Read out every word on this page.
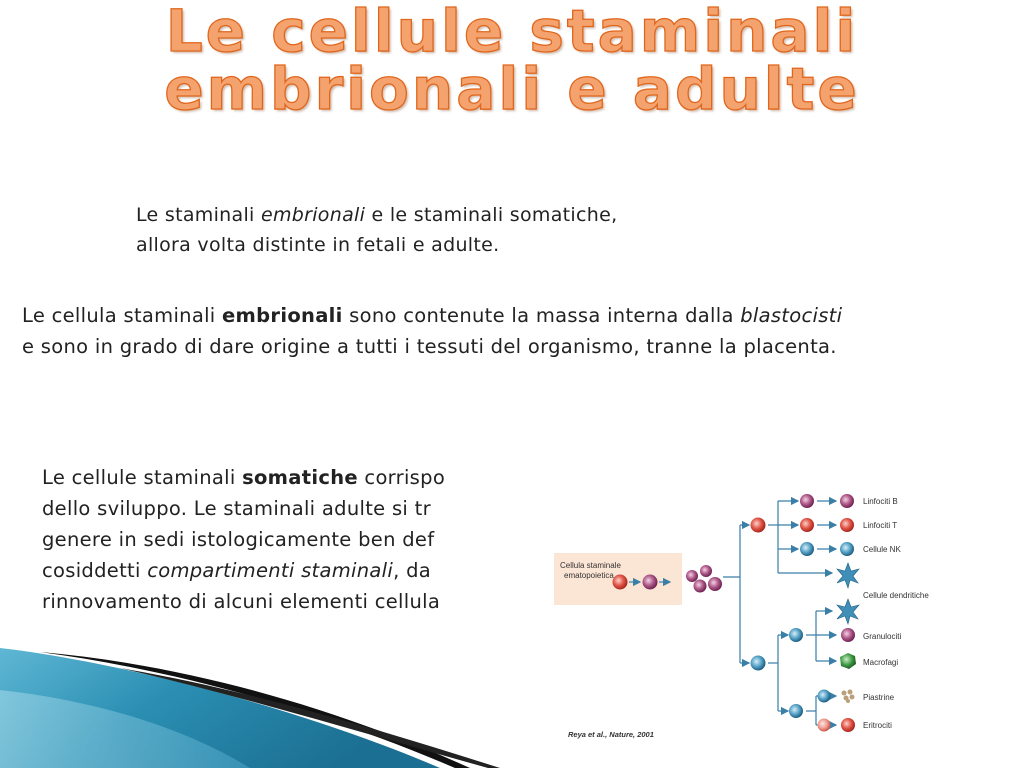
Le cellule staminali
embrionali e adulte
Le staminali embrionali e le staminali somatiche,
allora volta distinte in fetali e adulte.
Le cellula staminali embrionali sono contenute la massa interna dalla blastocisti e sono in grado di dare origine a tutti i tessuti del organismo, tranne la placenta.
Le cellule staminali somatiche corrispo
dello sviluppo. Le staminali adulte si tr
genere in sedi istologicamente ben def
cosiddetti compartimenti staminali, da
rinnovamento di alcuni elementi cellula
Cellula staminale
ematopoietica
Linfociti B
Linfociti T
Cellule NK
Cellule dendritiche
Granulociti
Macrofagi
Piastrine
Eritrociti
Reya et al., Nature, 2001
